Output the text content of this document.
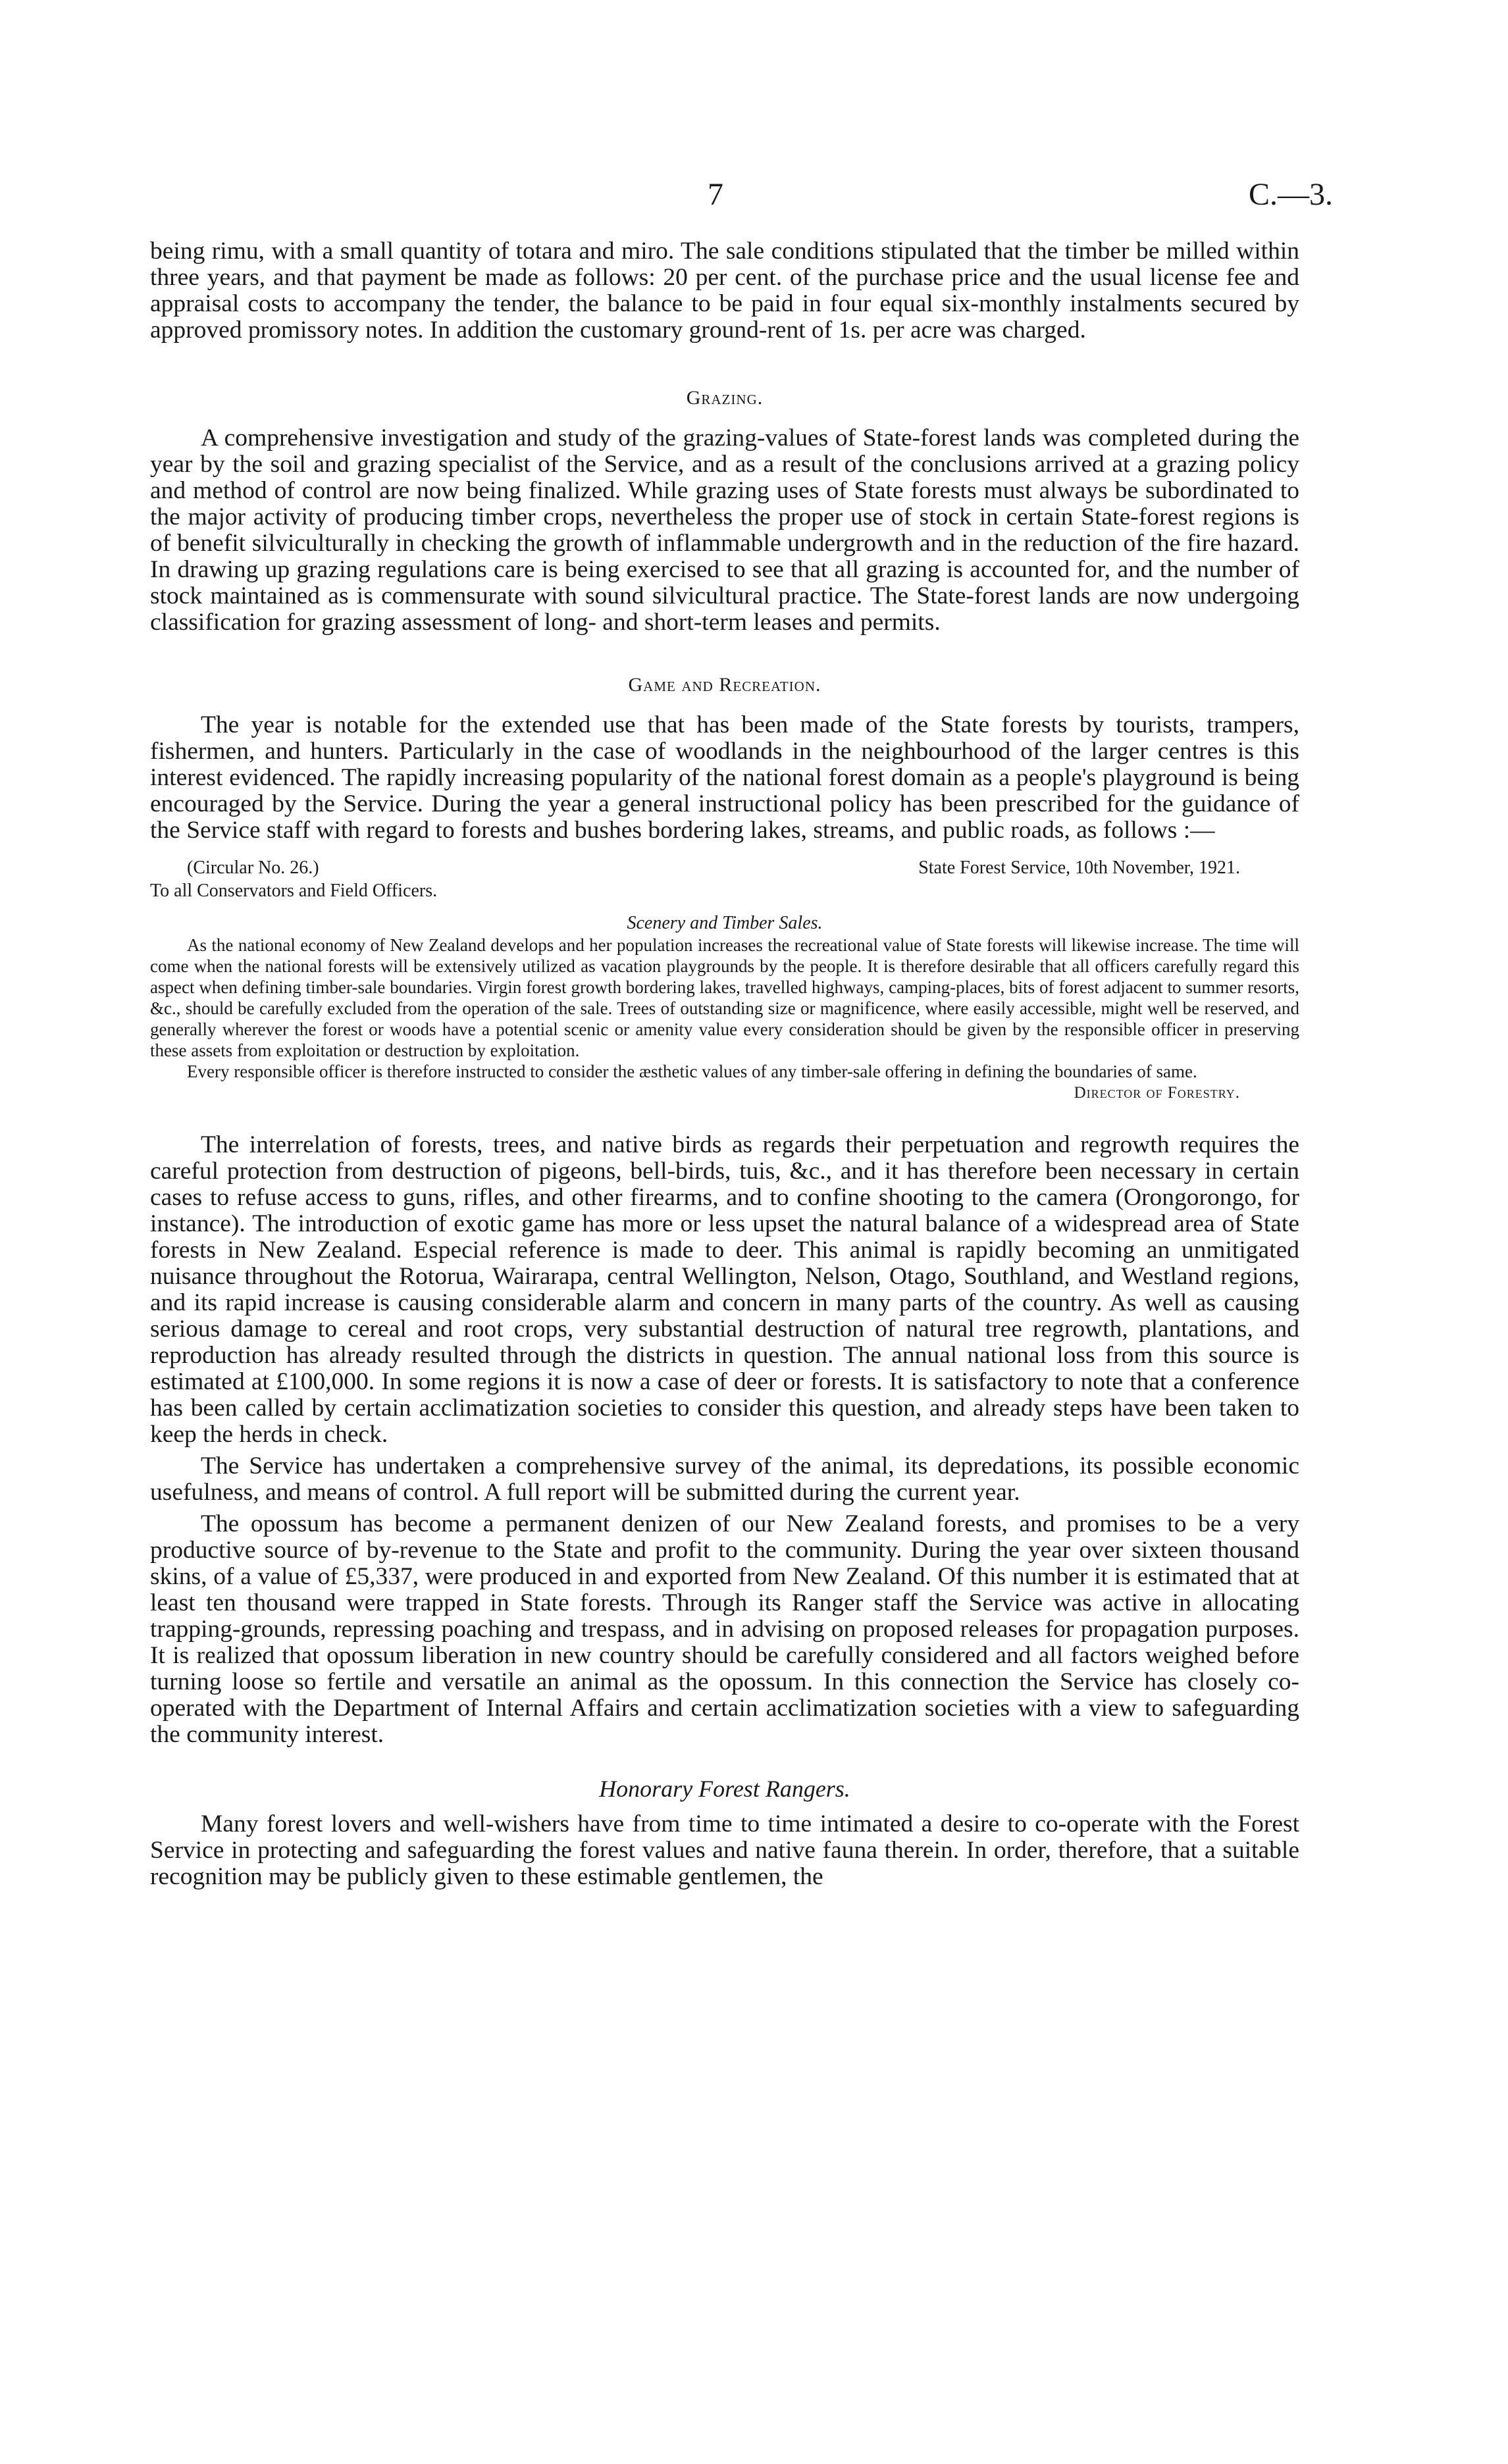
7	C.—3.

being rimu, with a small quantity of totara and miro. The sale conditions stipulated that the timber be milled within three years, and that payment be made as follows: 20 per cent. of the purchase price and the usual license fee and appraisal costs to accompany the tender, the balance to be paid in four equal six-monthly instalments secured by approved promissory notes. In addition the customary ground-rent of 1s. per acre was charged.

Grazing.

A comprehensive investigation and study of the grazing-values of State-forest lands was completed during the year by the soil and grazing specialist of the Service, and as a result of the conclusions arrived at a grazing policy and method of control are now being finalized. While grazing uses of State forests must always be subordinated to the major activity of producing timber crops, nevertheless the proper use of stock in certain State-forest regions is of benefit silviculturally in checking the growth of inflammable undergrowth and in the reduction of the fire hazard. In drawing up grazing regulations care is being exercised to see that all grazing is accounted for, and the number of stock maintained as is commensurate with sound silvicultural practice. The State-forest lands are now undergoing classification for grazing assessment of long- and short-term leases and permits.

Game and Recreation.

The year is notable for the extended use that has been made of the State forests by tourists, trampers, fishermen, and hunters. Particularly in the case of woodlands in the neighbourhood of the larger centres is this interest evidenced. The rapidly increasing popularity of the national forest domain as a people's playground is being encouraged by the Service. During the year a general instructional policy has been prescribed for the guidance of the Service staff with regard to forests and bushes bordering lakes, streams, and public roads, as follows :—

(Circular No. 26.)	State Forest Service, 10th November, 1921.
To all Conservators and Field Officers.
Scenery and Timber Sales.

As the national economy of New Zealand develops and her population increases the recreational value of State forests will likewise increase. The time will come when the national forests will be extensively utilized as vacation playgrounds by the people. It is therefore desirable that all officers carefully regard this aspect when defining timber-sale boundaries. Virgin forest growth bordering lakes, travelled highways, camping-places, bits of forest adjacent to summer resorts, &c., should be carefully excluded from the operation of the sale. Trees of outstanding size or magnificence, where easily accessible, might well be reserved, and generally wherever the forest or woods have a potential scenic or amenity value every consideration should be given by the responsible officer in preserving these assets from exploitation or destruction by exploitation.

Every responsible officer is therefore instructed to consider the æsthetic values of any timber-sale offering in defining the boundaries of same.

Director of Forestry.

The interrelation of forests, trees, and native birds as regards their perpetuation and regrowth requires the careful protection from destruction of pigeons, bell-birds, tuis, &c., and it has therefore been necessary in certain cases to refuse access to guns, rifles, and other firearms, and to confine shooting to the camera (Orongorongo, for instance). The introduction of exotic game has more or less upset the natural balance of a widespread area of State forests in New Zealand. Especial reference is made to deer. This animal is rapidly becoming an unmitigated nuisance throughout the Rotorua, Wairarapa, central Wellington, Nelson, Otago, Southland, and Westland regions, and its rapid increase is causing considerable alarm and concern in many parts of the country. As well as causing serious damage to cereal and root crops, very substantial destruction of natural tree regrowth, plantations, and reproduction has already resulted through the districts in question. The annual national loss from this source is estimated at £100,000. In some regions it is now a case of deer or forests. It is satisfactory to note that a conference has been called by certain acclimatization societies to consider this question, and already steps have been taken to keep the herds in check.

The Service has undertaken a comprehensive survey of the animal, its depredations, its possible economic usefulness, and means of control. A full report will be submitted during the current year.

The opossum has become a permanent denizen of our New Zealand forests, and promises to be a very productive source of by-revenue to the State and profit to the community. During the year over sixteen thousand skins, of a value of £5,337, were produced in and exported from New Zealand. Of this number it is estimated that at least ten thousand were trapped in State forests. Through its Ranger staff the Service was active in allocating trapping-grounds, repressing poaching and trespass, and in advising on proposed releases for propagation purposes. It is realized that opossum liberation in new country should be carefully considered and all factors weighed before turning loose so fertile and versatile an animal as the opossum. In this connection the Service has closely co-operated with the Department of Internal Affairs and certain acclimatization societies with a view to safeguarding the community interest.

Honorary Forest Rangers.

Many forest lovers and well-wishers have from time to time intimated a desire to co-operate with the Forest Service in protecting and safeguarding the forest values and native fauna therein. In order, therefore, that a suitable recognition may be publicly given to these estimable gentlemen, the
